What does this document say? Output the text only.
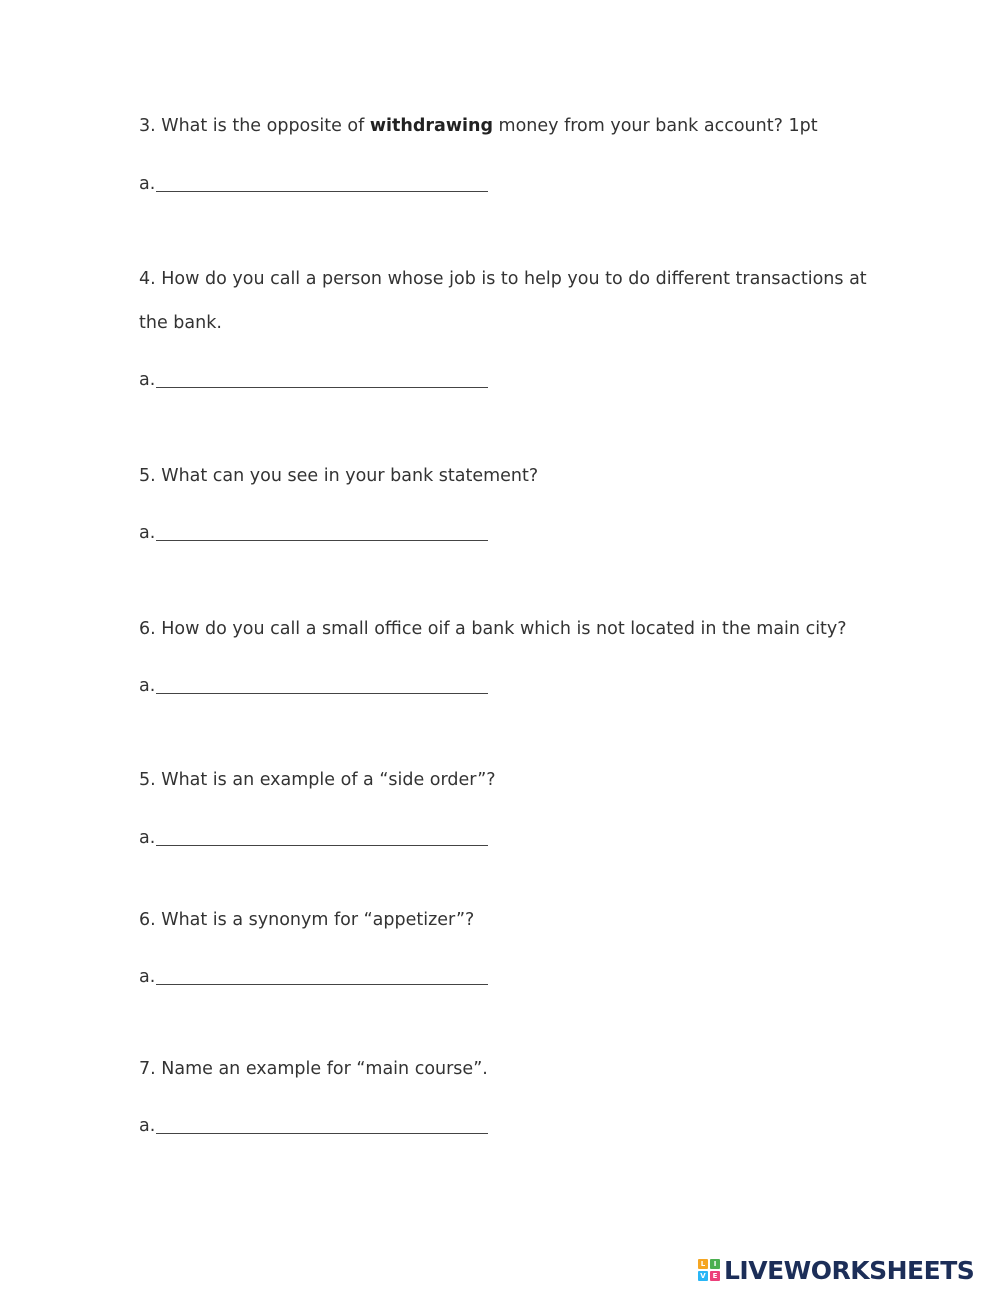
3. What is the opposite of withdrawing money from your bank account? 1pt
a.
4. How do you call a person whose job is to help you to do different transactions at
the bank.
a.
5. What can you see in your bank statement?
a.
6. How do you call a small office oif a bank which is not located in the main city?
a.
5. What is an example of a “side order”?
a.
6. What is a synonym for “appetizer”?
a.
7. Name an example for “main course”.
a.
L	I
V E LIVEWORKSHEETS
